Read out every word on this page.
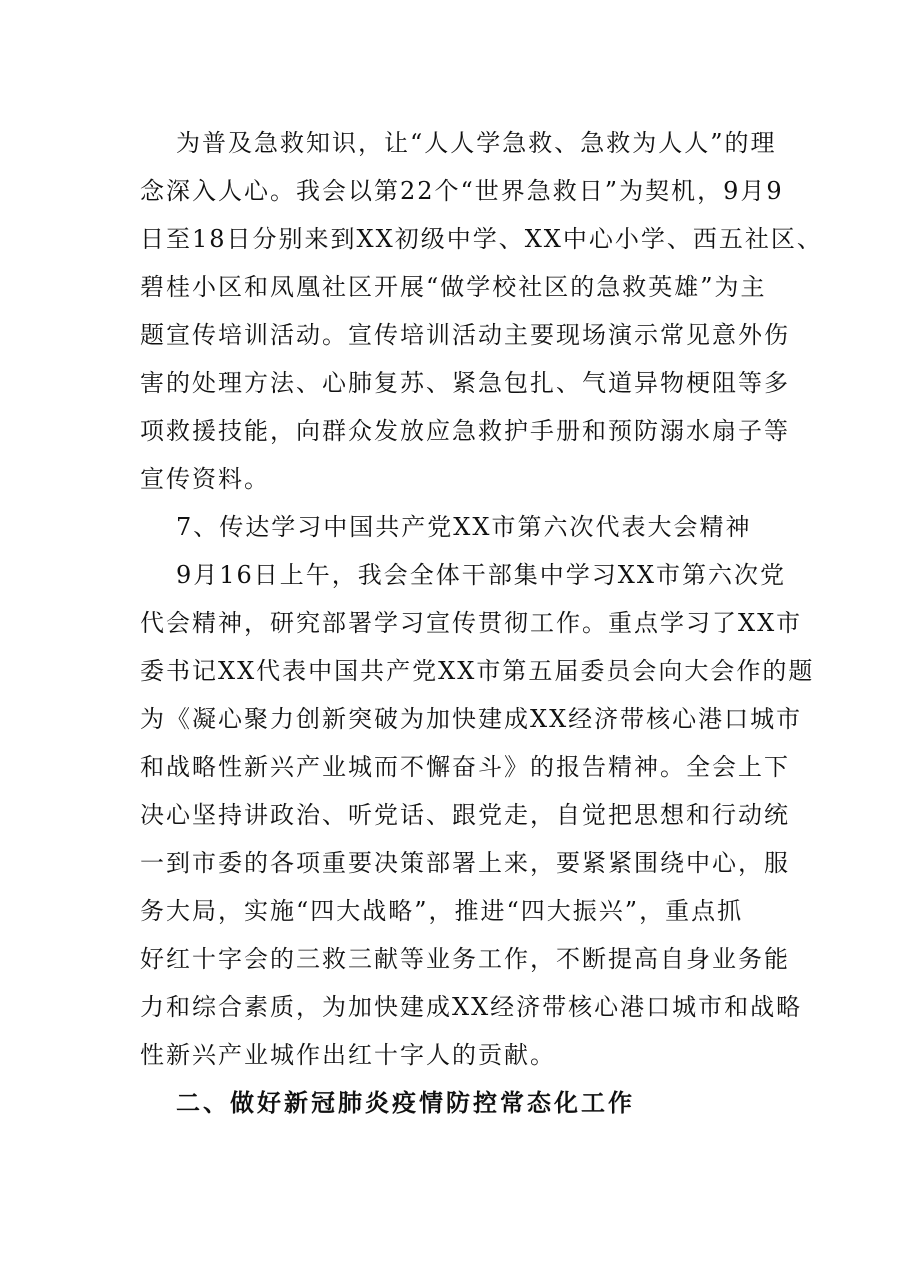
为普及急救知识，让“人人学急救、急救为人人”的理
念深入人心。我会以第22个“世界急救日”为契机，9月9
日至18日分别来到XX初级中学、XX中心小学、西五社区、
碧桂小区和凤凰社区开展“做学校社区的急救英雄”为主
题宣传培训活动。宣传培训活动主要现场演示常见意外伤
害的处理方法、心肺复苏、紧急包扎、气道异物梗阻等多
项救援技能，向群众发放应急救护手册和预防溺水扇子等
宣传资料。
7、传达学习中国共产党XX市第六次代表大会精神
9月16日上午，我会全体干部集中学习XX市第六次党
代会精神，研究部署学习宣传贯彻工作。重点学习了XX市
委书记XX代表中国共产党XX市第五届委员会向大会作的题
为《凝心聚力创新突破为加快建成XX经济带核心港口城市
和战略性新兴产业城而不懈奋斗》的报告精神。全会上下
决心坚持讲政治、听党话、跟党走，自觉把思想和行动统
一到市委的各项重要决策部署上来，要紧紧围绕中心，服
务大局，实施“四大战略”，推进“四大振兴”，重点抓
好红十字会的三救三献等业务工作，不断提高自身业务能
力和综合素质，为加快建成XX经济带核心港口城市和战略
性新兴产业城作出红十字人的贡献。
二、做好新冠肺炎疫情防控常态化工作
